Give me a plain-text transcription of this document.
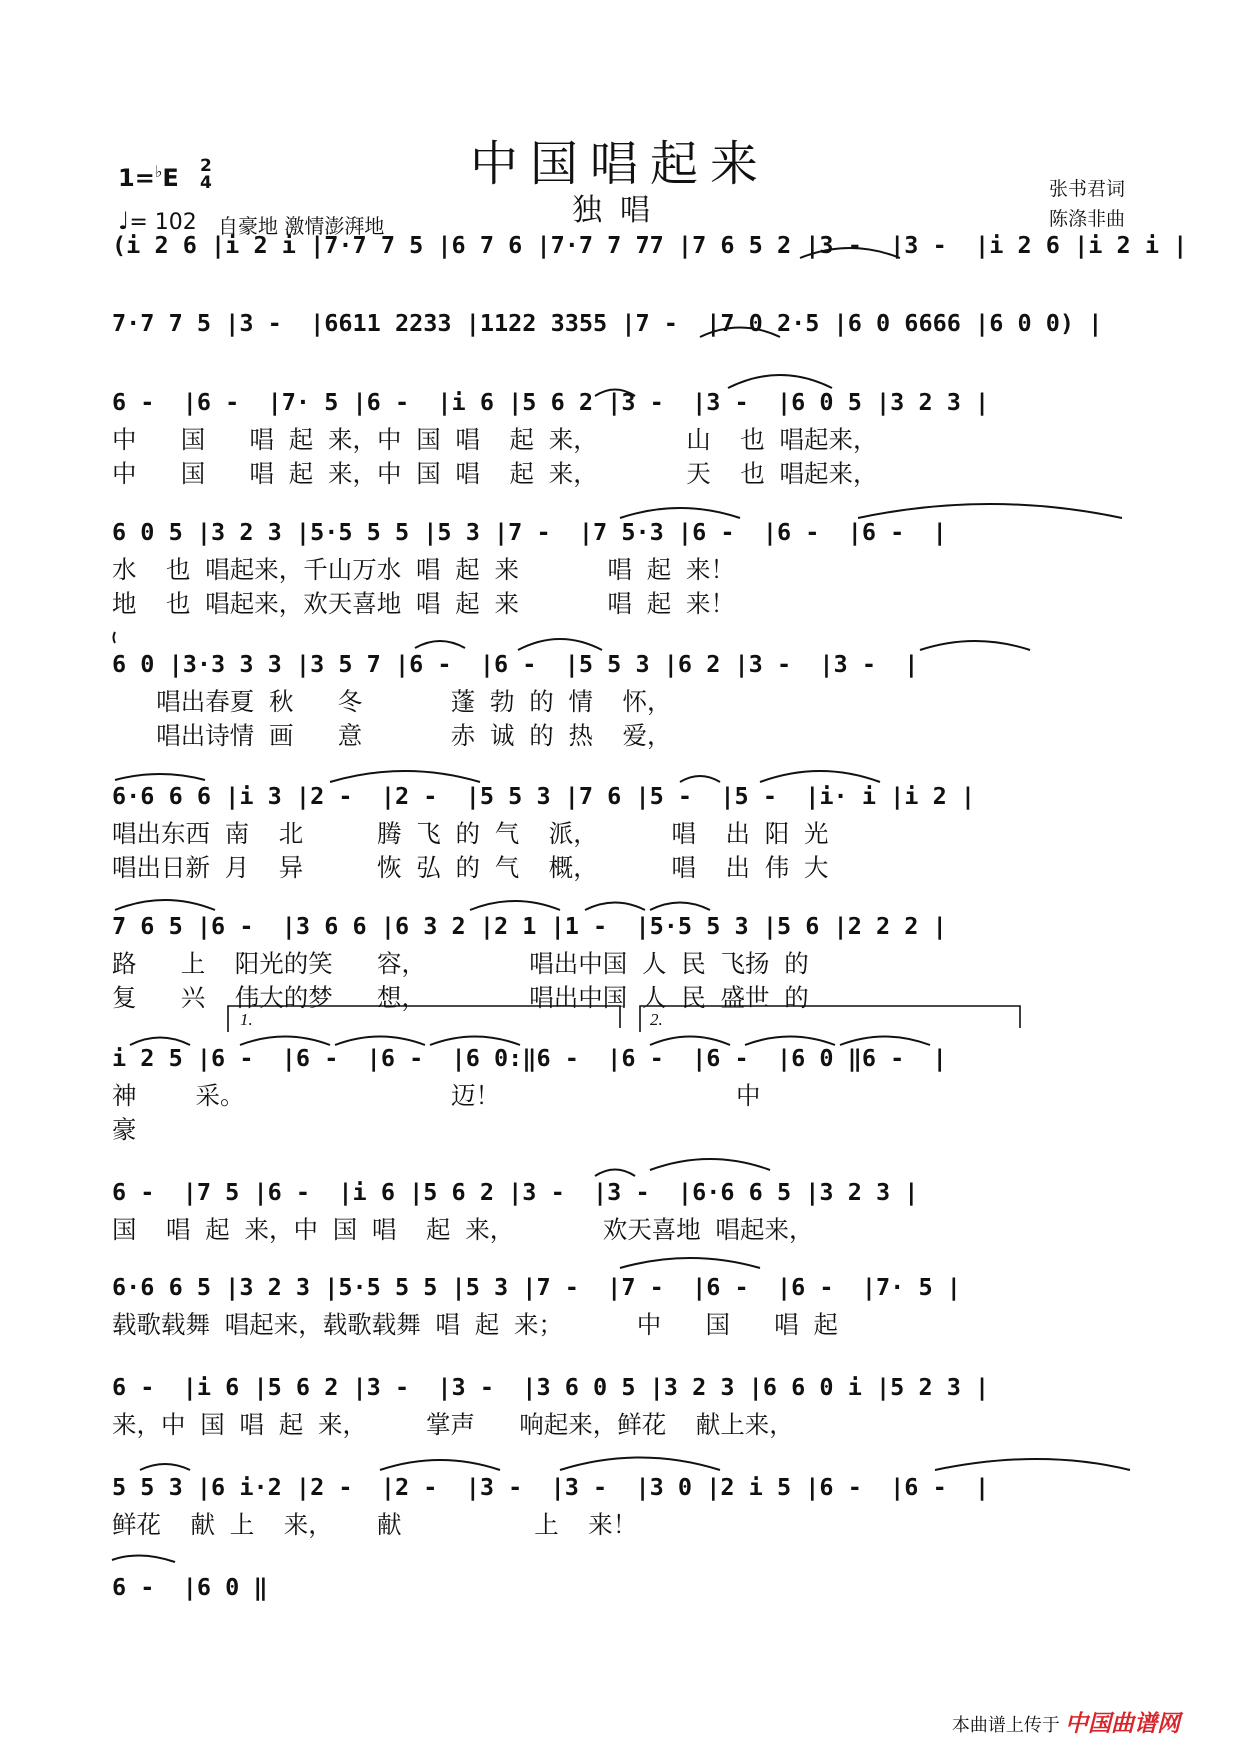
中国唱起来
独唱
1=♭E 2
4
♩= 102 自豪地 激情澎湃地
张书君词
陈涤非曲
(i 2 6 |i 2 i |7·7 7 5 |6 7 6 |7·7 7 77 |7 6 5 2 |3 -  |3 -  |i 2 6 |i 2 i |
7·7 7 5 |3 -  |6611 2233 |1122 3355 |7 -  |7 0 2·5 |6 0 6666 |6 0 0) |
6 -  |6 -  |7· 5 |6 -  |i 6 |5 6 2 |3 -  |3 -  |6 0 5 |3 2 3 |
中   国   唱 起 来，中 国 唱  起 来，      山  也 唱起来，
中   国   唱 起 来，中 国 唱  起 来，      天  也 唱起来，
6 0 5 |3 2 3 |5·5 5 5 |5 3 |7 -  |7 5·3 |6 -  |6 -  |6 -  |
水  也 唱起来，千山万水 唱 起 来      唱 起 来！
地  也 唱起来，欢天喜地 唱 起 来      唱 起 来！
6 0 |3·3 3 3 |3 5 7 |6 -  |6 -  |5 5 3 |6 2 |3 -  |3 -  |
唱出春夏 秋   冬      蓬 勃 的 情  怀，
唱出诗情 画   意      赤 诚 的 热  爱，
6·6 6 6 |i 3 |2 -  |2 -  |5 5 3 |7 6 |5 -  |5 -  |i· i |i 2 |
唱出东西 南  北     腾 飞 的 气  派，     唱  出 阳 光
唱出日新 月  异     恢 弘 的 气  概，     唱  出 伟 大
7 6 5 |6 -  |3 6 6 |6 3 2 |2 1 |1 -  |5·5 5 3 |5 6 |2 2 2 |
路   上  阳光的笑   容，       唱出中国 人 民 飞扬 的
复   兴  伟大的梦   想，       唱出中国 人 民 盛世 的
i 2 5 |6 -  |6 -  |6 -  |6 0:‖6 -  |6 -  |6 -  |6 0 ‖6 -  |
神    采。              迈！                中
豪
1.	2.
6 -  |7 5 |6 -  |i 6 |5 6 2 |3 -  |3 -  |6·6 6 5 |3 2 3 |
国  唱 起 来，中 国 唱  起 来，      欢天喜地 唱起来，
6·6 6 5 |3 2 3 |5·5 5 5 |5 3 |7 -  |7 -  |6 -  |6 -  |7· 5 |
载歌载舞 唱起来，载歌载舞 唱 起 来；     中   国   唱 起
6 -  |i 6 |5 6 2 |3 -  |3 -  |3 6 0 5 |3 2 3 |6 6 0 i |5 2 3 |
来，中 国 唱 起 来，    掌声   响起来，鲜花  献上来，
5 5 3 |6 i·2 |2 -  |2 -  |3 -  |3 -  |3 0 |2 i 5 |6 -  |6 -  |
鲜花  献 上  来，   献         上  来！
6 -  |6 0 ‖
本曲谱上传于 中国曲谱网
